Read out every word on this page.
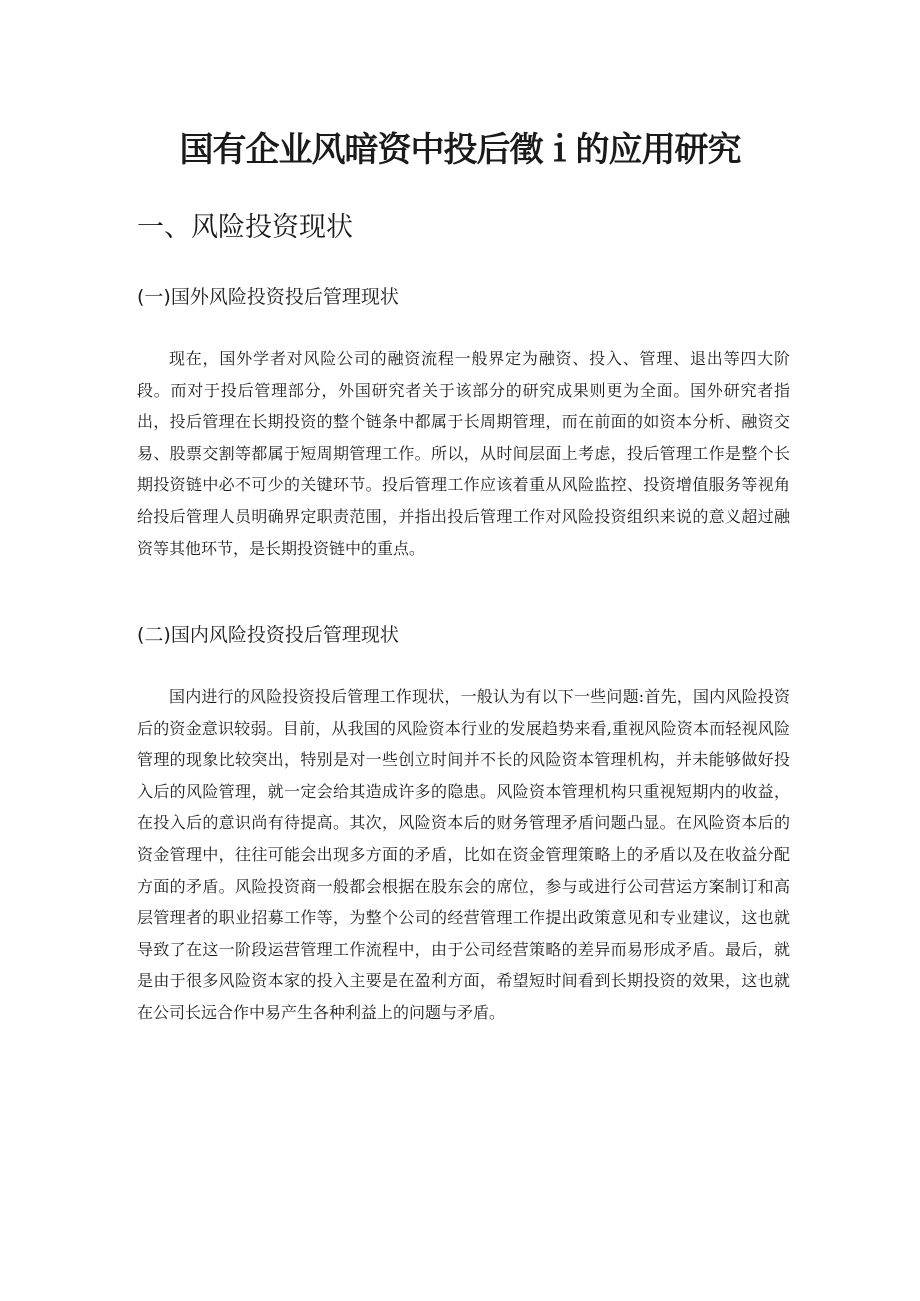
国有企业风暗资中投后徵ｉ的应用研究
一、风险投资现状
(一)国外风险投资投后管理现状

现在，国外学者对风险公司的融资流程一般界定为融资、投入、管理、退出等四大阶段。而对于投后管理部分，外国研究者关于该部分的研究成果则更为全面。国外研究者指出，投后管理在长期投资的整个链条中都属于长周期管理，而在前面的如资本分析、融资交易、股票交割等都属于短周期管理工作。所以，从时间层面上考虑，投后管理工作是整个长期投资链中必不可少的关键环节。投后管理工作应该着重从风险监控、投资增值服务等视角给投后管理人员明确界定职责范围，并指出投后管理工作对风险投资组织来说的意义超过融资等其他环节，是长期投资链中的重点。

(二)国内风险投资投后管理现状

国内进行的风险投资投后管理工作现状，一般认为有以下一些问题:首先，国内风险投资后的资金意识较弱。目前，从我国的风险资本行业的发展趋势来看,重视风险资本而轻视风险管理的现象比较突出，特别是对一些创立时间并不长的风险资本管理机构，并未能够做好投入后的风险管理，就一定会给其造成许多的隐患。风险资本管理机构只重视短期内的收益，在投入后的意识尚有待提高。其次，风险资本后的财务管理矛盾问题凸显。在风险资本后的资金管理中，往往可能会出现多方面的矛盾，比如在资金管理策略上的矛盾以及在收益分配方面的矛盾。风险投资商一般都会根据在股东会的席位，参与或进行公司营运方案制订和高层管理者的职业招募工作等，为整个公司的经营管理工作提出政策意见和专业建议，这也就导致了在这一阶段运营管理工作流程中，由于公司经营策略的差异而易形成矛盾。最后，就是由于很多风险资本家的投入主要是在盈利方面，希望短时间看到长期投资的效果，这也就在公司长远合作中易产生各种利益上的问题与矛盾。
